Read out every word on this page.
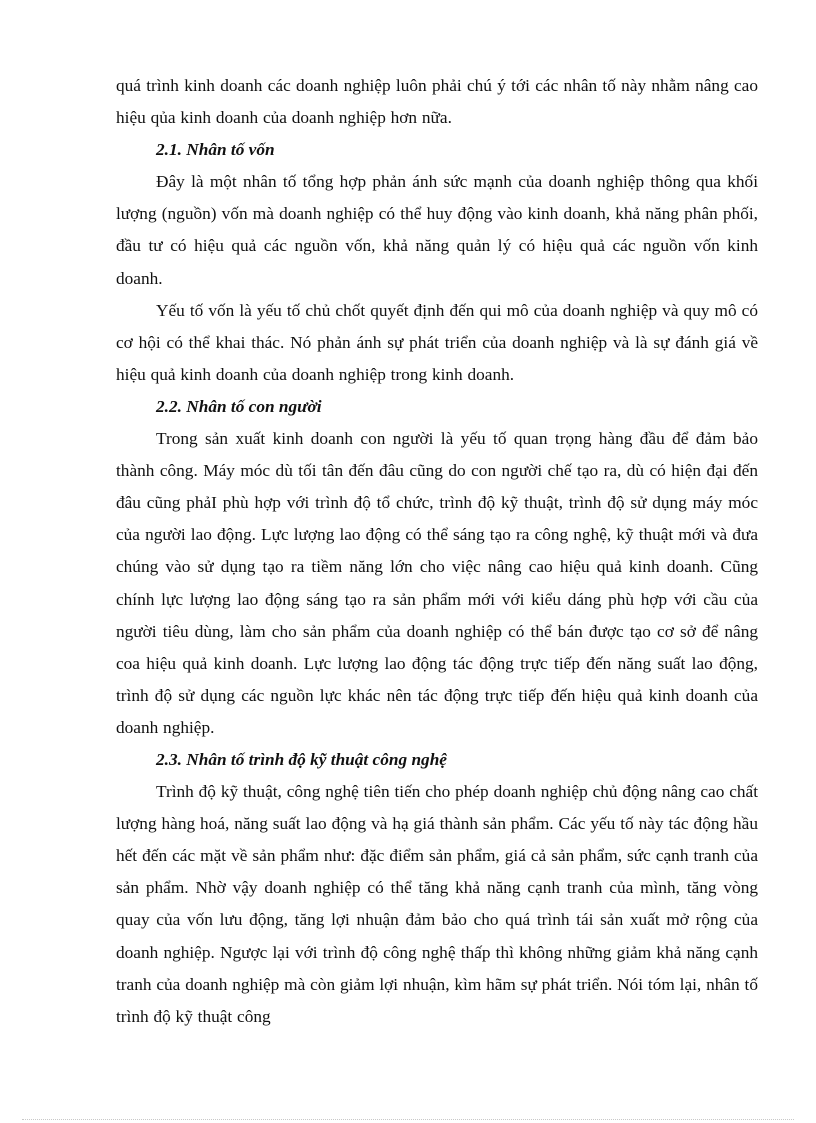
quá trình kinh doanh các doanh nghiệp luôn phải chú ý tới các nhân tố này nhằm nâng cao hiệu qủa kinh doanh của doanh nghiệp hơn nữa.

2.1. Nhân tố vốn

Đây là một nhân tố tổng hợp phản ánh sức mạnh của doanh nghiệp thông qua khối lượng (nguồn) vốn mà doanh nghiệp có thể huy động vào kinh doanh, khả năng phân phối, đầu tư có hiệu quả các nguồn vốn, khả năng quản lý có hiệu quả các nguồn vốn kinh doanh.

Yếu tố vốn là yếu tố chủ chốt quyết định đến qui mô của doanh nghiệp và quy mô có cơ hội có thể khai thác. Nó phản ánh sự phát triển của doanh nghiệp và là sự đánh giá về hiệu quả kinh doanh của doanh nghiệp trong kinh doanh.

2.2. Nhân tố con người

Trong sản xuất kinh doanh con người là yếu tố quan trọng hàng đầu để đảm bảo thành công. Máy móc dù tối tân đến đâu cũng do con người chế tạo ra, dù có hiện đại đến đâu cũng phảI phù hợp với trình độ tổ chức, trình độ kỹ thuật, trình độ sử dụng máy móc của người lao động. Lực lượng lao động có thể sáng tạo ra công nghệ, kỹ thuật mới và đưa chúng vào sử dụng tạo ra tiềm năng lớn cho việc nâng cao hiệu quả kinh doanh. Cũng chính lực lượng lao động sáng tạo ra sản phẩm mới với kiểu dáng phù hợp với cầu của người tiêu dùng, làm cho sản phẩm của doanh nghiệp có thể bán được tạo cơ sở để nâng coa hiệu quả kinh doanh. Lực lượng lao động tác động trực tiếp đến năng suất lao động, trình độ sử dụng các nguồn lực khác nên tác động trực tiếp đến hiệu quả kinh doanh của doanh nghiệp.

2.3. Nhân tố trình độ kỹ thuật công nghệ

Trình độ kỹ thuật, công nghệ tiên tiến cho phép doanh nghiệp chủ động nâng cao chất lượng hàng hoá, năng suất lao động và hạ giá thành sản phẩm. Các yếu tố này tác động hầu hết đến các mặt về sản phẩm như: đặc điểm sản phẩm, giá cả sản phẩm, sức cạnh tranh của sản phẩm. Nhờ vậy doanh nghiệp có thể tăng khả năng cạnh tranh của mình, tăng vòng quay của vốn lưu động, tăng lợi nhuận đảm bảo cho quá trình tái sản xuất mở rộng của doanh nghiệp. Ngược lại với trình độ công nghệ thấp thì không những giảm khả năng cạnh tranh của doanh nghiệp mà còn giảm lợi nhuận, kìm hãm sự phát triển. Nói tóm lại, nhân tố trình độ kỹ thuật công
